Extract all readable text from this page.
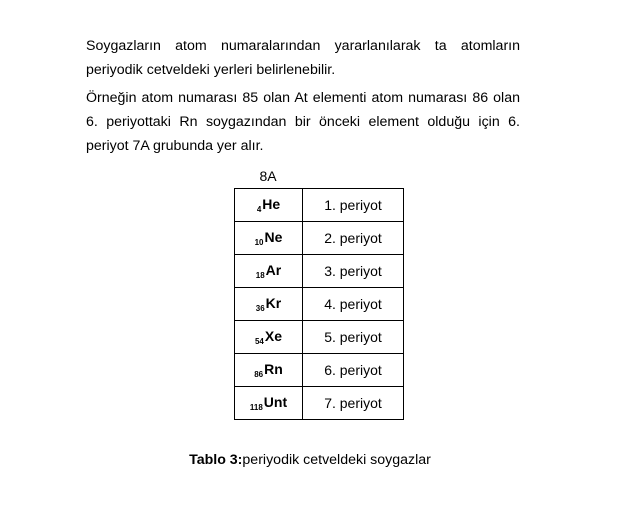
Soygazların atom numaralarından yararlanılarak ta atomların periyodik cetveldeki yerleri belirlenebilir.

Örneğin atom numarası 85 olan At elementi atom numarası 86 olan 6. periyottaki Rn soygazından bir önceki element olduğu için 6. periyot 7A grubunda yer alır.

8A
$_4$He	1. periyot
$_{10}$Ne	2. periyot
$_{18}$Ar	3. periyot
$_{36}$Kr	4. periyot
$_{54}$Xe	5. periyot
$_{86}$Rn	6. periyot
$_{118}$Unt	7. periyot
Tablo 3:periyodik cetveldeki soygazlar
